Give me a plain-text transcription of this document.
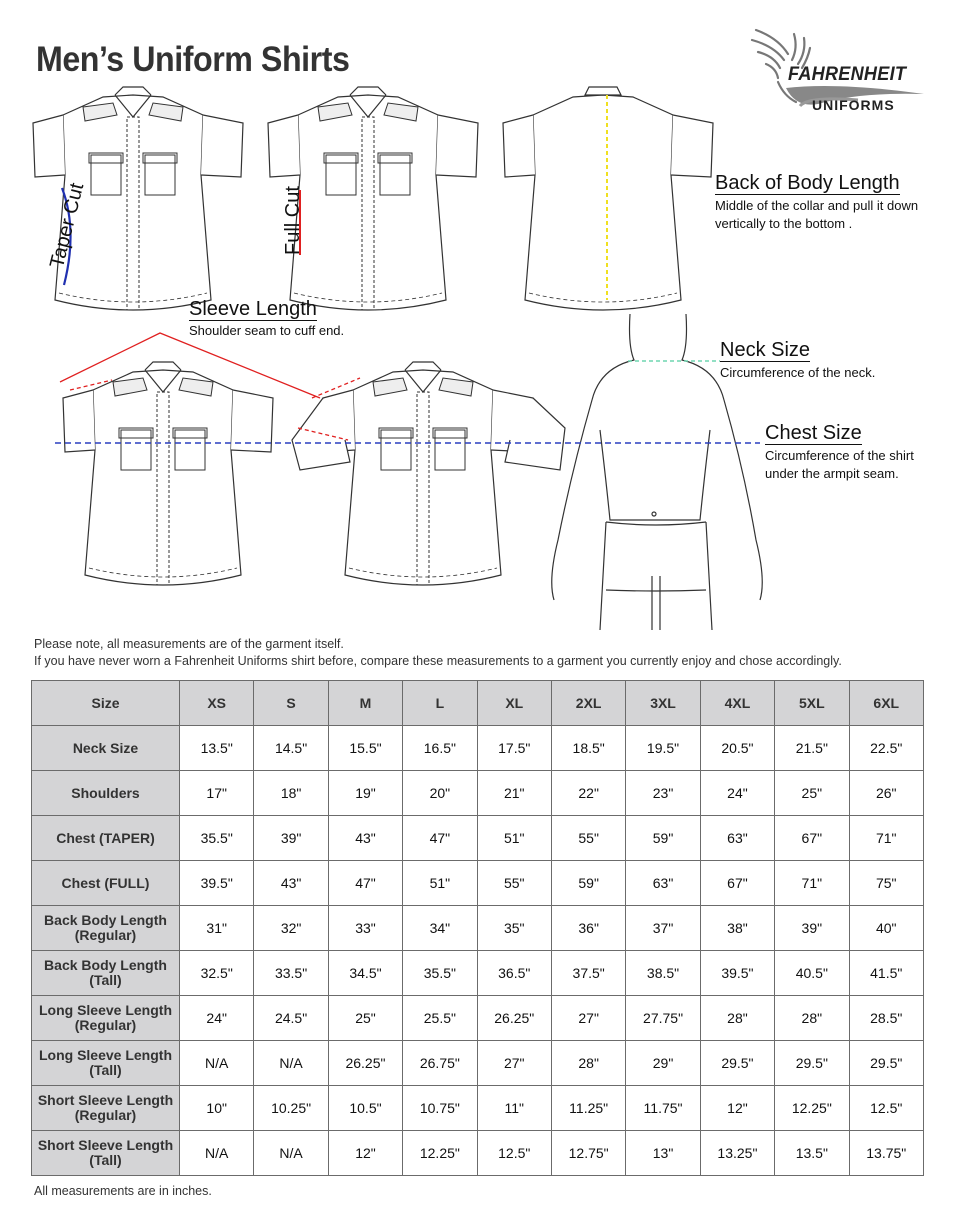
Men’s Uniform Shirts	FAHRENHEIT
UNIFORMS
Taper Cut	Full Cut
Back of Body Length
Middle of the collar and pull it down
vertically to the bottom .
Sleeve Length
Shoulder seam to cuff end.
Neck Size
Circumference of the neck.
Chest Size
Circumference of the shirt
under the armpit seam.
Please note, all measurements are of the garment itself.
If you have never worn a Fahrenheit Uniforms shirt before, compare these measurements to a garment you currently enjoy and chose accordingly.
Size	XS	S	M	L	XL	2XL	3XL	4XL	5XL	6XL

Neck Size	13.5"	14.5"	15.5"	16.5"	17.5"	18.5"	19.5"	20.5"	21.5"	22.5"

Shoulders	17"	18"	19"	20"	21"	22"	23"	24"	25"	26"

Chest (TAPER)	35.5"	39"	43"	47"	51"	55"	59"	63"	67"	71"

Chest (FULL)	39.5"	43"	47"	51"	55"	59"	63"	67"	71"	75"

Back Body Length
(Regular)	31"	32"	33"	34"	35"	36"	37"	38"	39"	40"

Back Body Length
(Tall)	32.5"	33.5"	34.5"	35.5"	36.5"	37.5"	38.5"	39.5"	40.5"	41.5"

Long Sleeve Length
(Regular)	24"	24.5"	25"	25.5"	26.25"	27"	27.75"	28"	28"	28.5"

Long Sleeve Length
(Tall)	N/A	N/A	26.25"	26.75"	27"	28"	29"	29.5"	29.5"	29.5"

Short Sleeve Length
(Regular)	10"	10.25"	10.5"	10.75"	11"	11.25"	11.75"	12"	12.25"	12.5"

Short Sleeve Length
(Tall)	N/A	N/A	12"	12.25"	12.5"	12.75"	13"	13.25"	13.5"	13.75"
All measurements are in inches.
